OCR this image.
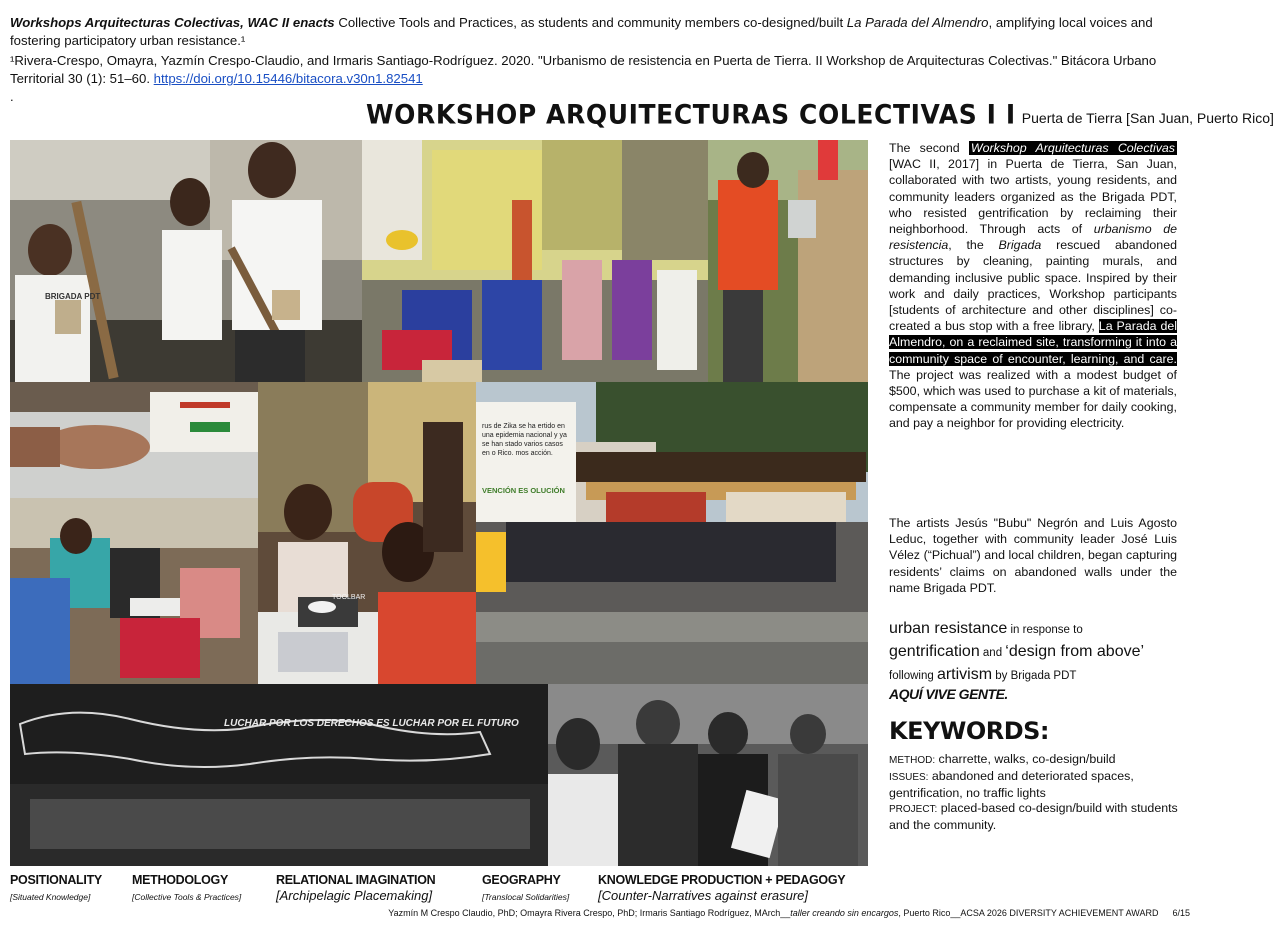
Workshops Arquitecturas Colectivas, WAC II enacts Collective Tools and Practices, as students and community members co-designed/built La Parada del Almendro, amplifying local voices and fostering participatory urban resistance.¹
¹Rivera-Crespo, Omayra, Yazmín Crespo-Claudio, and Irmaris Santiago-Rodríguez. 2020. "Urbanismo de resistencia en Puerta de Tierra. II Workshop de Arquitecturas Colectivas." Bitácora Urbano Territorial 30 (1): 51–60. https://doi.org/10.15446/bitacora.v30n1.82541
.
WORKSHOP ARQUITECTURAS COLECTIVAS I I Puerta de Tierra [San Juan, Puerto Rico]
BRIGADA PDT
TOOLBAR
rus de Zika se ha ertido en una epidemia nacional y ya se han stado varios casos en o Rico. mos acción.
VENCIÓN ES OLUCIÓN
LUCHAR POR LOS DERECHOS ES LUCHAR POR EL FUTURO
The second Workshop Arquitecturas Colectivas [WAC II, 2017] in Puerta de Tierra, San Juan, collaborated with two artists, young residents, and community leaders organized as the Brigada PDT, who resisted gentrification by reclaiming their neighborhood. Through acts of urbanismo de resistencia, the Brigada rescued abandoned structures by cleaning, painting murals, and demanding inclusive public space. Inspired by their work and daily practices, Workshop participants [students of architecture and other disciplines] co-created a bus stop with a free library, La Parada del Almendro, on a reclaimed site, transforming it into a community space of encounter, learning, and care. The project was realized with a modest budget of $500, which was used to purchase a kit of materials, compensate a community member for daily cooking, and pay a neighbor for providing electricity.
The artists Jesús "Bubu" Negrón and Luis Agosto Leduc, together with community leader José Luis Vélez (“Pichual”) and local children, began capturing residents’ claims on abandoned walls under the name Brigada PDT.
urban resistance in response to
gentrification and ‘design from above’
following artivism by Brigada PDT
AQUÍ VIVE GENTE.
KEYWORDS:
METHOD: charrette, walks, co-design/build
ISSUES: abandoned and deteriorated spaces, gentrification, no traffic lights
PROJECT: placed-based co-design/build with students and the community.
POSITIONALITY
[Situated Knowledge]
METHODOLOGY
[Collective Tools & Practices]
RELATIONAL IMAGINATION
[Archipelagic Placemaking]
GEOGRAPHY
[Translocal Solidarities]
KNOWLEDGE PRODUCTION + PEDAGOGY
[Counter-Narratives against erasure]
Yazmín M Crespo Claudio, PhD; Omayra Rivera Crespo, PhD; Irmaris Santiago Rodríguez, MArch__taller creando sin encargos, Puerto Rico__ACSA 2026 DIVERSITY ACHIEVEMENT AWARD 6/15
